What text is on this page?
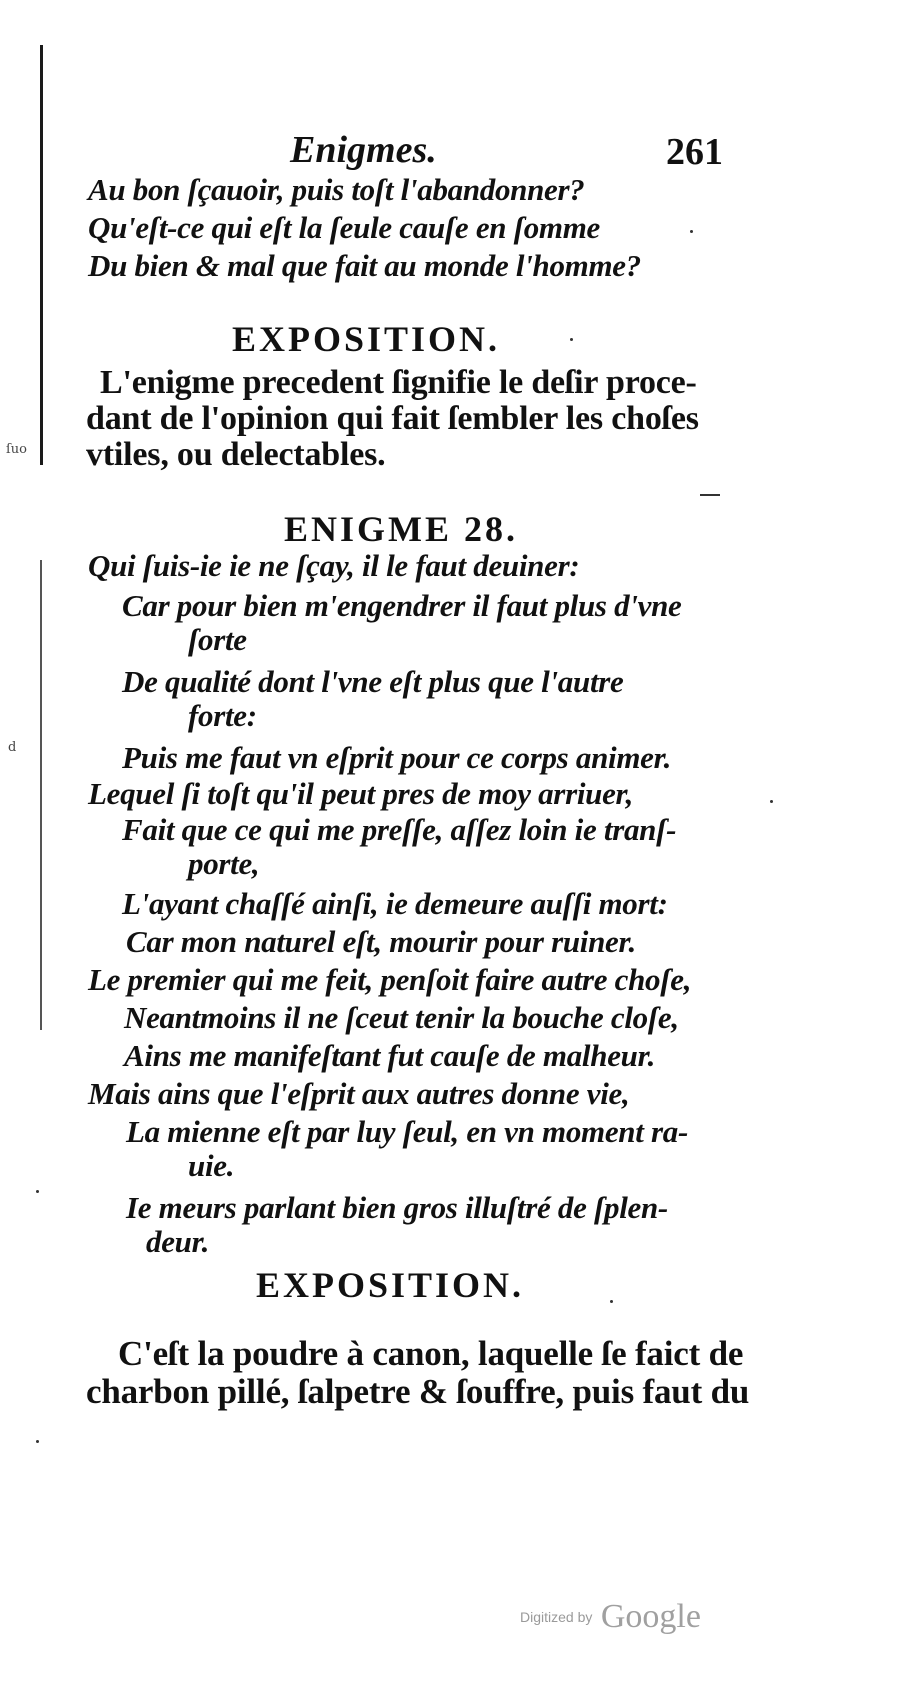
ſuo
d
Enigmes.	261
Au bon ſçauoir, puis toſt l'abandonner?
Qu'eſt-ce qui eſt la ſeule cauſe en ſomme
Du bien & mal que fait au monde l'homme?
EXPOSITION.
L'enigme precedent ſignifie le deſir proce-
dant de l'opinion qui fait ſembler les choſes
vtiles, ou delectables.
ENIGME 28.
Qui ſuis-ie ie ne ſçay, il le faut deuiner:
Car pour bien m'engendrer il faut plus d'vne
ſorte
De qualité dont l'vne eſt plus que l'autre
forte:
Puis me faut vn eſprit pour ce corps animer.
Lequel ſi toſt qu'il peut pres de moy arriuer,
Fait que ce qui me preſſe, aſſez loin ie tranſ-
porte,
L'ayant chaſſé ainſi, ie demeure auſſi mort:
Car mon naturel eſt, mourir pour ruiner.
Le premier qui me feit, penſoit faire autre choſe,
Neantmoins il ne ſceut tenir la bouche cloſe,
Ains me manifeſtant fut cauſe de malheur.
Mais ains que l'eſprit aux autres donne vie,
La mienne eſt par luy ſeul, en vn moment ra-
uie.
Ie meurs parlant bien gros illuſtré de ſplen-
deur.
EXPOSITION.
C'eſt la poudre à canon, laquelle ſe faict de
charbon pillé, ſalpetre & ſouffre, puis faut du
Digitized by Google
